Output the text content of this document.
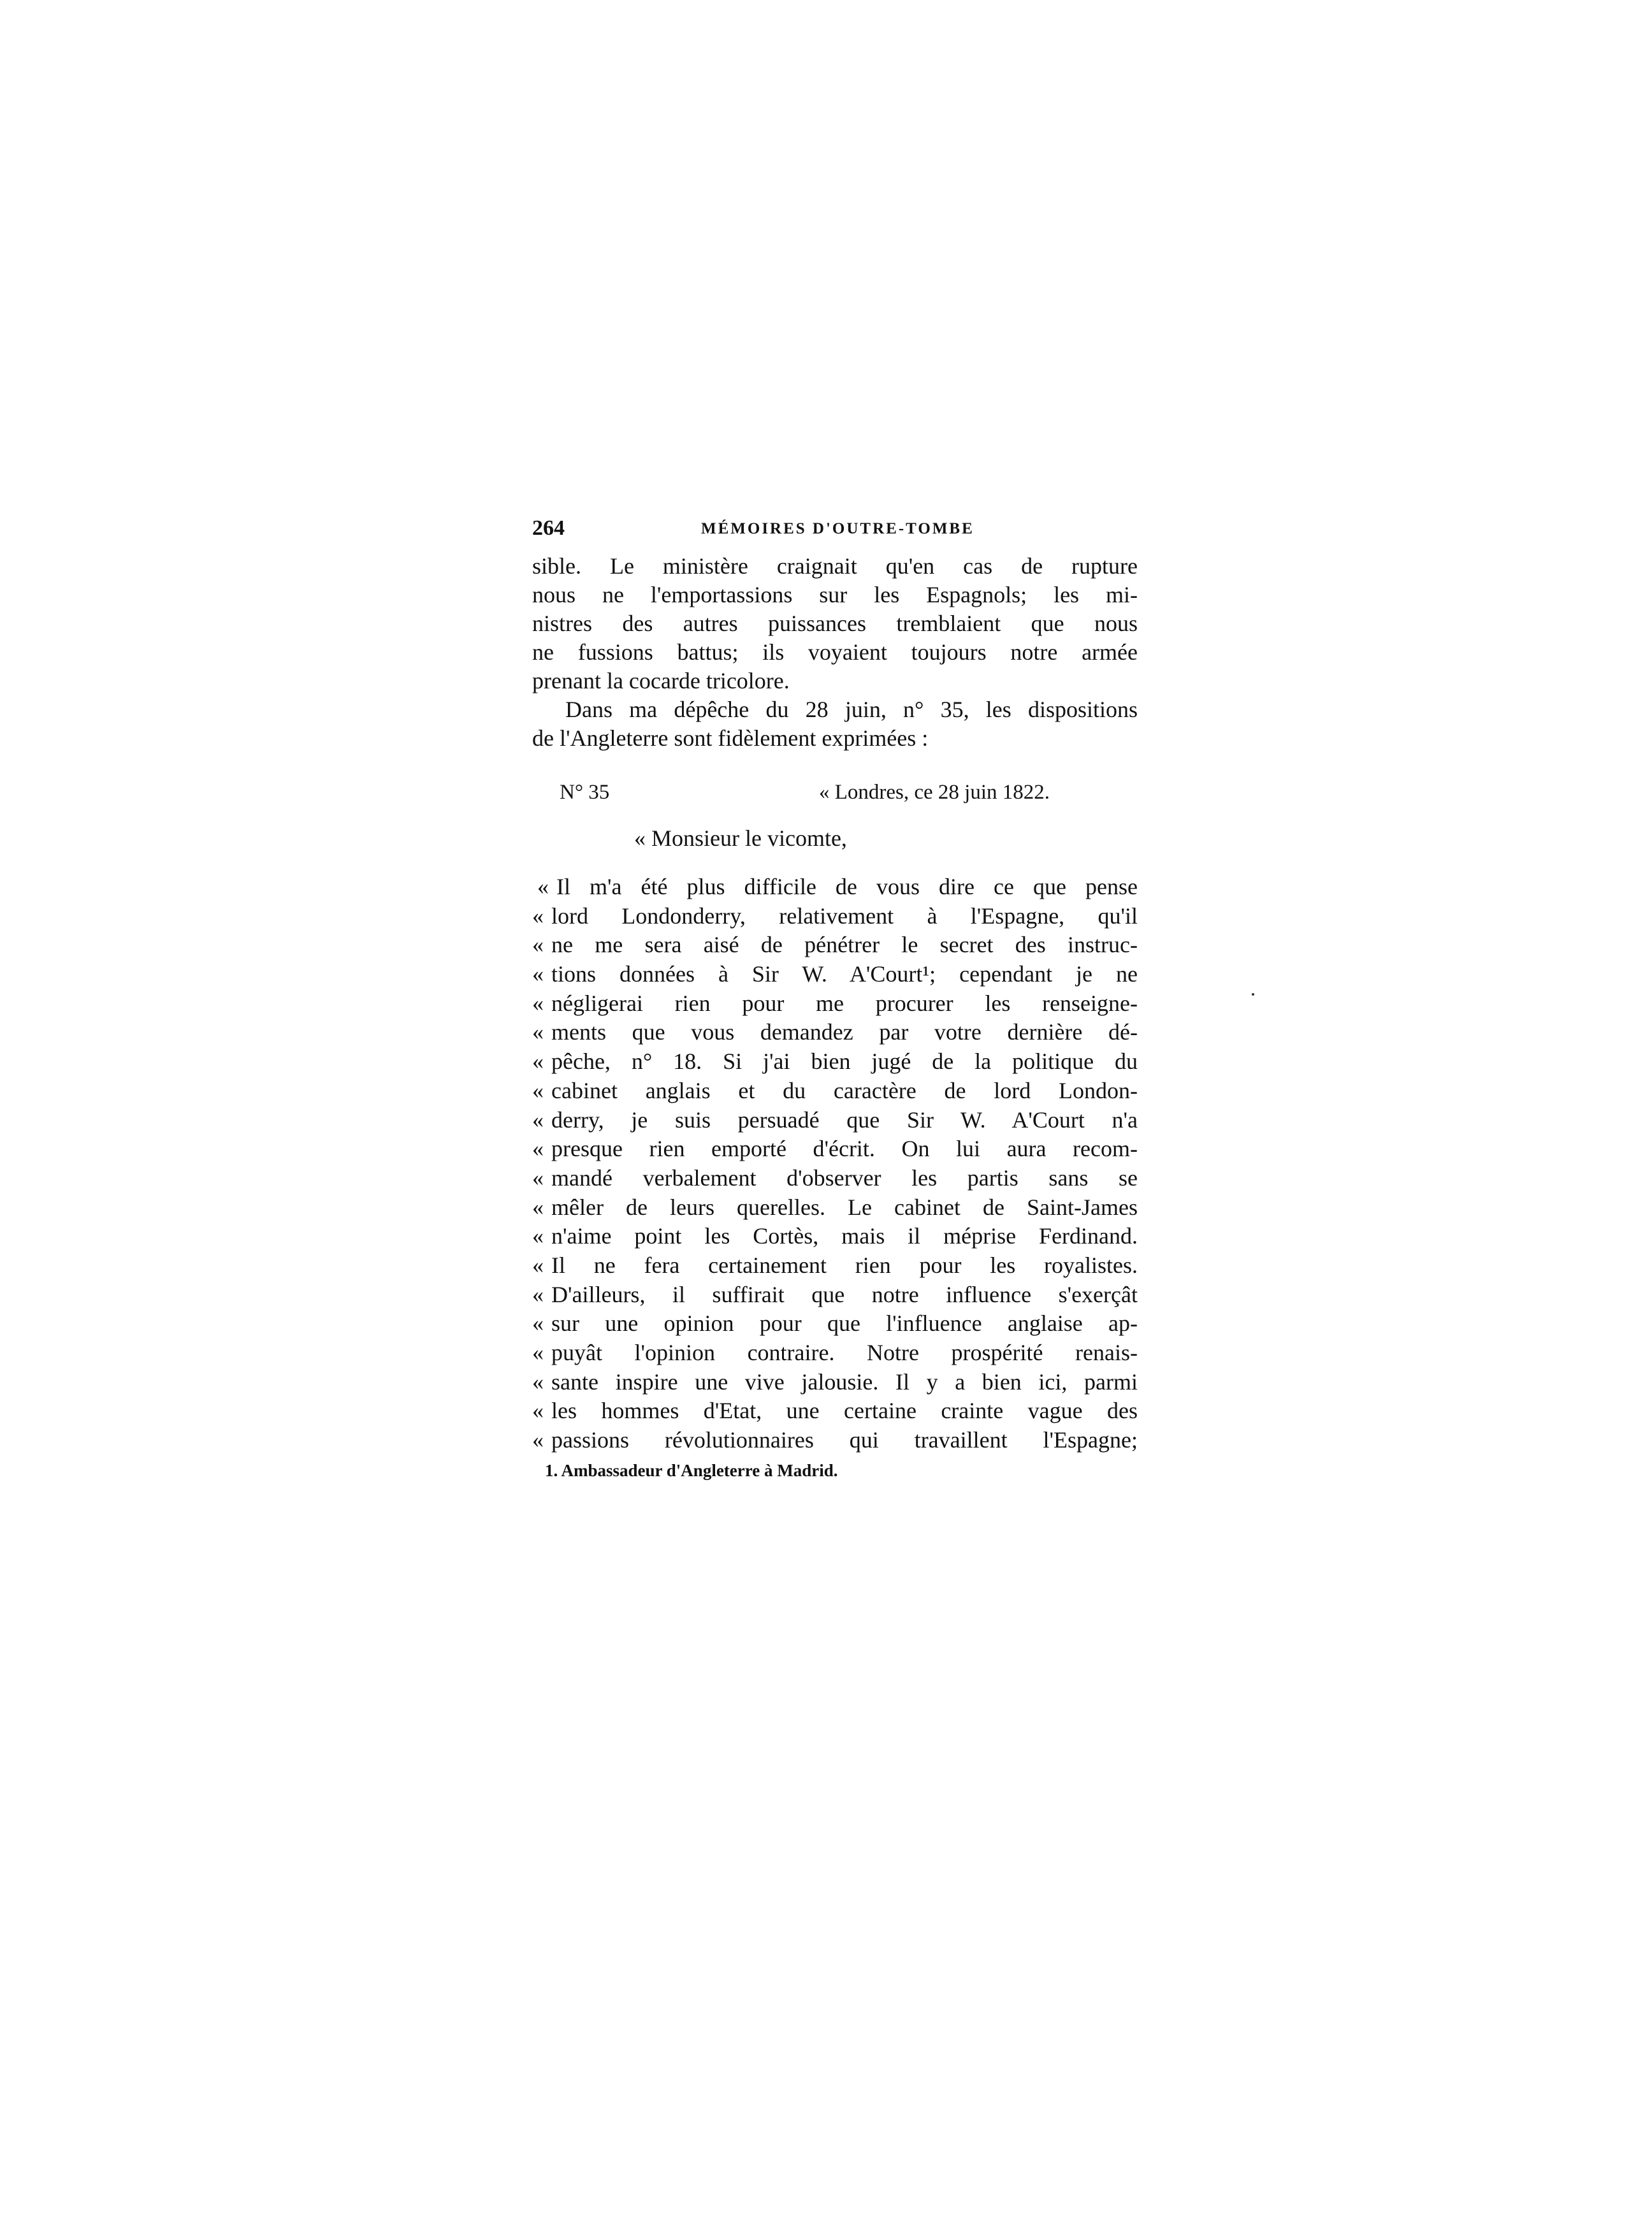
264	MÉMOIRES D'OUTRE-TOMBE
sible. Le ministère craignait qu'en cas de rupture
nous ne l'emportassions sur les Espagnols; les mi-
nistres des autres puissances tremblaient que nous
ne fussions battus; ils voyaient toujours notre armée
prenant la cocarde tricolore.
Dans ma dépêche du 28 juin, n° 35, les dispositions
de l'Angleterre sont fidèlement exprimées :
N° 35	« Londres, ce 28 juin 1822.
« Monsieur le vicomte,
« Il m'a été plus difficile de vous dire ce que pense
« lord Londonderry, relativement à l'Espagne, qu'il
« ne me sera aisé de pénétrer le secret des instruc-
« tions données à Sir W. A'Court¹; cependant je ne
« négligerai rien pour me procurer les renseigne-
« ments que vous demandez par votre dernière dé-
« pêche, n° 18. Si j'ai bien jugé de la politique du
« cabinet anglais et du caractère de lord London-
« derry, je suis persuadé que Sir W. A'Court n'a
« presque rien emporté d'écrit. On lui aura recom-
« mandé verbalement d'observer les partis sans se
« mêler de leurs querelles. Le cabinet de Saint-James
« n'aime point les Cortès, mais il méprise Ferdinand.
« Il ne fera certainement rien pour les royalistes.
« D'ailleurs, il suffirait que notre influence s'exerçât
« sur une opinion pour que l'influence anglaise ap-
« puyât l'opinion contraire. Notre prospérité renais-
« sante inspire une vive jalousie. Il y a bien ici, parmi
« les hommes d'Etat, une certaine crainte vague des
« passions révolutionnaires qui travaillent l'Espagne;
1. Ambassadeur d'Angleterre à Madrid.
